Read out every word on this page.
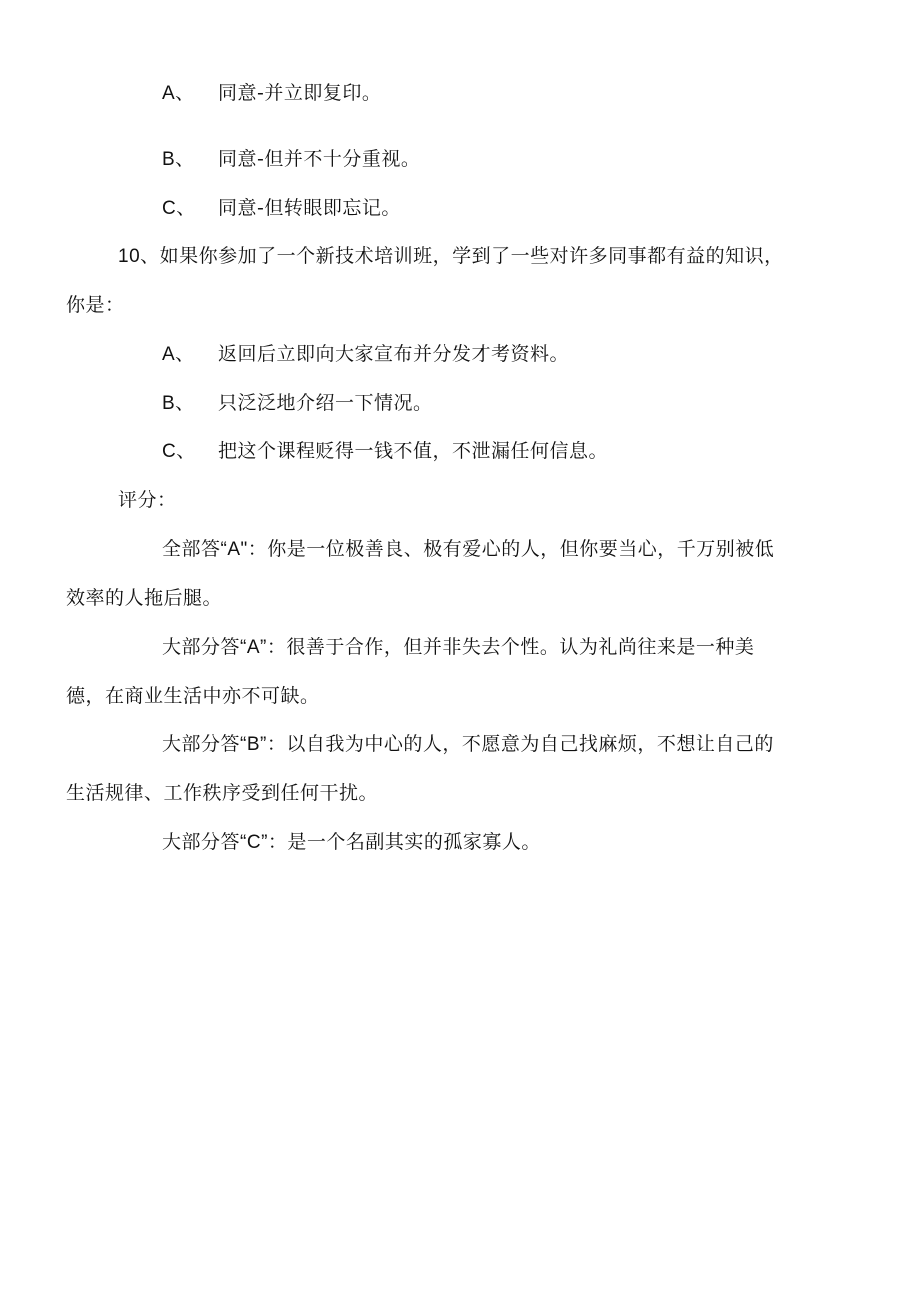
A、 同意-并立即复印。
B、 同意-但并不十分重视。
C、 同意-但转眼即忘记。
10、如果你参加了一个新技术培训班，学到了一些对许多同事都有益的知识，
你是：
A、 返回后立即向大家宣布并分发才考资料。
B、 只泛泛地介绍一下情况。
C、 把这个课程贬得一钱不值，不泄漏任何信息。
评分：
全部答“A"：你是一位极善良、极有爱心的人，但你要当心，千万别被低
效率的人拖后腿。
大部分答“A”：很善于合作，但并非失去个性。认为礼尚往来是一种美
德，在商业生活中亦不可缺。
大部分答“B”：以自我为中心的人，不愿意为自己找麻烦，不想让自己的
生活规律、工作秩序受到任何干扰。
大部分答“C”：是一个名副其实的孤家寡人。
